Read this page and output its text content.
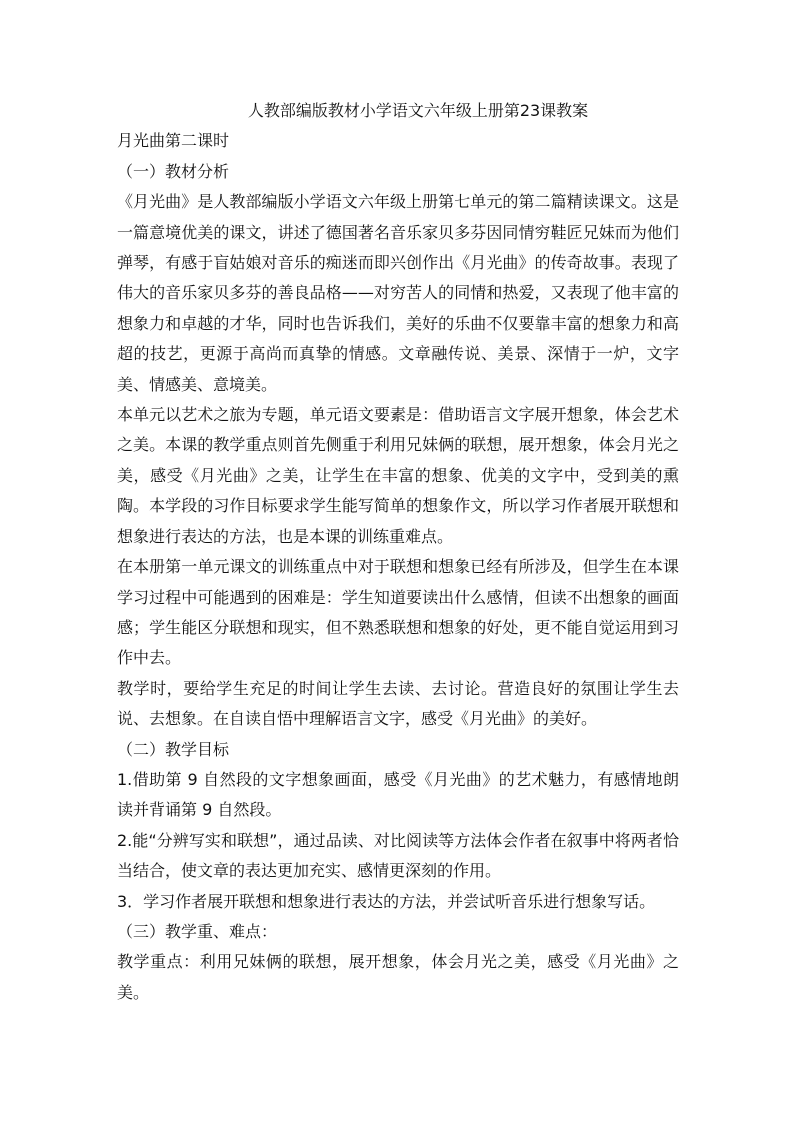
人教部编版教材小学语文六年级上册第23课教案

月光曲第二课时

（一）教材分析

《月光曲》是人教部编版小学语文六年级上册第七单元的第二篇精读课文。这是一篇意境优美的课文，讲述了德国著名音乐家贝多芬因同情穷鞋匠兄妹而为他们弹琴，有感于盲姑娘对音乐的痴迷而即兴创作出《月光曲》的传奇故事。表现了伟大的音乐家贝多芬的善良品格——对穷苦人的同情和热爱，又表现了他丰富的想象力和卓越的才华，同时也告诉我们，美好的乐曲不仅要靠丰富的想象力和高超的技艺，更源于高尚而真挚的情感。文章融传说、美景、深情于一炉，文字美、情感美、意境美。

本单元以艺术之旅为专题，单元语文要素是：借助语言文字展开想象，体会艺术之美。本课的教学重点则首先侧重于利用兄妹俩的联想，展开想象，体会月光之美，感受《月光曲》之美，让学生在丰富的想象、优美的文字中，受到美的熏陶。本学段的习作目标要求学生能写简单的想象作文，所以学习作者展开联想和想象进行表达的方法，也是本课的训练重难点。

在本册第一单元课文的训练重点中对于联想和想象已经有所涉及，但学生在本课学习过程中可能遇到的困难是：学生知道要读出什么感情，但读不出想象的画面感；学生能区分联想和现实，但不熟悉联想和想象的好处，更不能自觉运用到习作中去。

教学时，要给学生充足的时间让学生去读、去讨论。营造良好的氛围让学生去说、去想象。在自读自悟中理解语言文字，感受《月光曲》的美好。

（二）教学目标

1.借助第 9 自然段的文字想象画面，感受《月光曲》的艺术魅力，有感情地朗读并背诵第 9 自然段。

2.能“分辨写实和联想”，通过品读、对比阅读等方法体会作者在叙事中将两者恰当结合，使文章的表达更加充实、感情更深刻的作用。

3．学习作者展开联想和想象进行表达的方法，并尝试听音乐进行想象写话。

（三）教学重、难点：

教学重点：利用兄妹俩的联想，展开想象，体会月光之美，感受《月光曲》之美。
